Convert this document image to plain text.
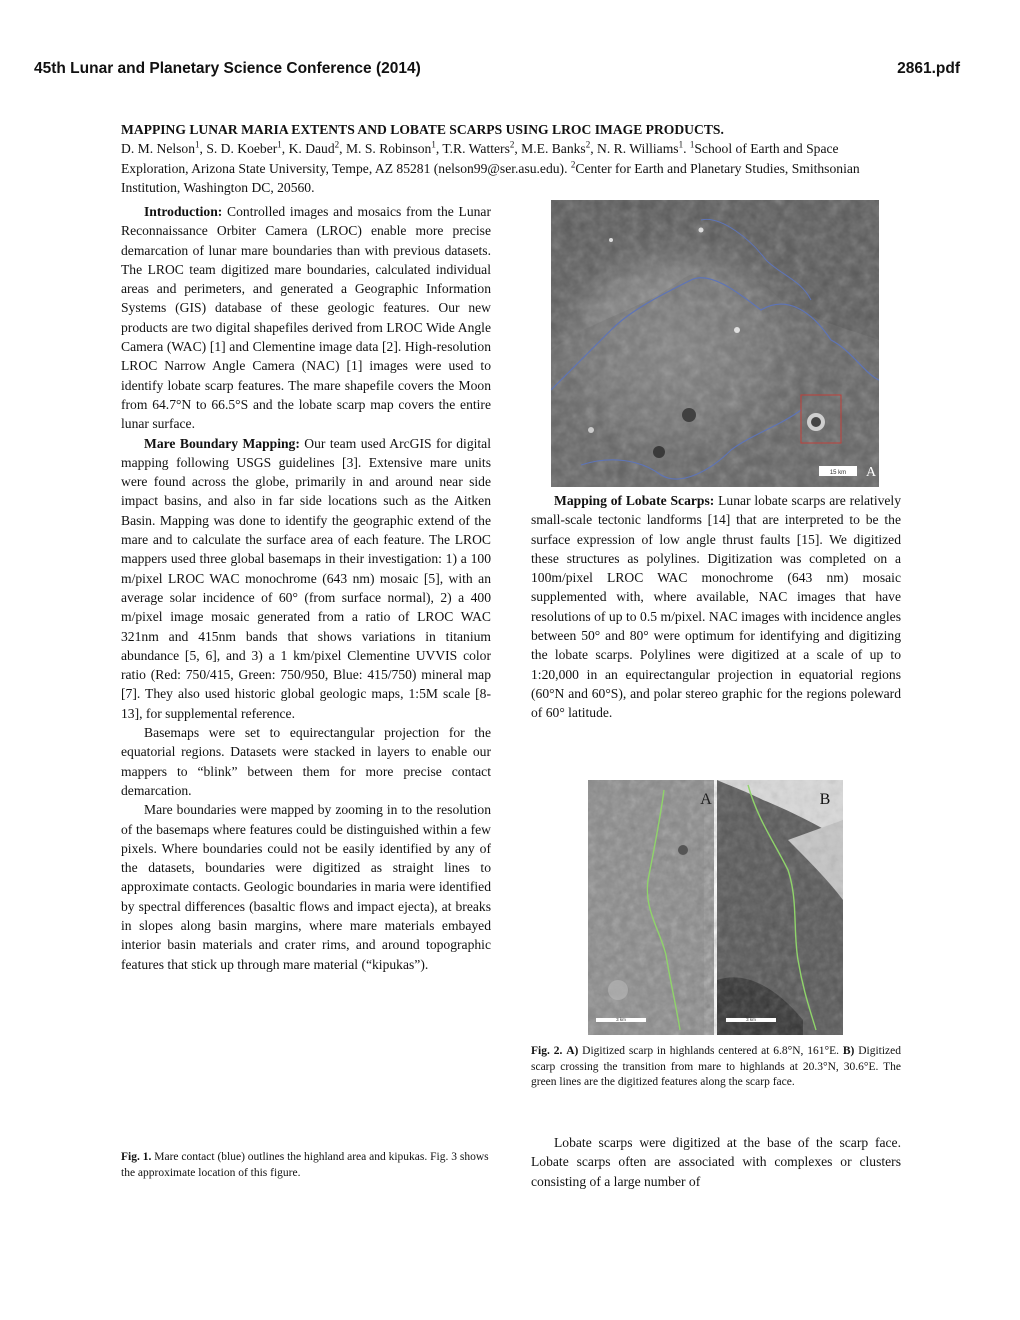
45th Lunar and Planetary Science Conference (2014)	2861.pdf
MAPPING LUNAR MARIA EXTENTS AND LOBATE SCARPS USING LROC IMAGE PRODUCTS.
D. M. Nelson$^1$, S. D. Koeber$^1$, K. Daud$^2$, M. S. Robinson$^1$, T.R. Watters$^2$, M.E. Banks$^2$, N. R. Williams$^1$. $^1$School of Earth and Space Exploration, Arizona State University, Tempe, AZ 85281 (nelson99@ser.asu.edu). $^2$Center for Earth and Planetary Studies, Smithsonian Institution, Washington DC, 20560.

Introduction: Controlled images and mosaics from the Lunar Reconnaissance Orbiter Camera (LROC) enable more precise demarcation of lunar mare boundaries than with previous datasets. The LROC team digitized mare boundaries, calculated individual areas and perimeters, and generated a Geographic Information Systems (GIS) database of these geologic features. Our new products are two digital shapefiles derived from LROC Wide Angle Camera (WAC) [1] and Clementine image data [2]. High-resolution LROC Narrow Angle Camera (NAC) [1] images were used to identify lobate scarp features. The mare shapefile covers the Moon from 64.7°N to 66.5°S and the lobate scarp map covers the entire lunar surface.

Mare Boundary Mapping: Our team used ArcGIS for digital mapping following USGS guidelines [3]. Extensive mare units were found across the globe, primarily in and around near side impact basins, and also in far side locations such as the Aitken Basin. Mapping was done to identify the geographic extend of the mare and to calculate the surface area of each feature. The LROC mappers used three global basemaps in their investigation: 1) a 100 m/pixel LROC WAC monochrome (643 nm) mosaic [5], with an average solar incidence of 60° (from surface normal), 2) a 400 m/pixel image mosaic generated from a ratio of LROC WAC 321nm and 415nm bands that shows variations in titanium abundance [5, 6], and 3) a 1 km/pixel Clementine UVVIS color ratio (Red: 750/415, Green: 750/950, Blue: 415/750) mineral map [7]. They also used historic global geologic maps, 1:5M scale [8-13], for supplemental reference.

Basemaps were set to equirectangular projection for the equatorial regions. Datasets were stacked in layers to enable our mappers to “blink” between them for more precise contact demarcation.

Mare boundaries were mapped by zooming in to the resolution of the basemaps where features could be distinguished within a few pixels. Where boundaries could not be easily identified by any of the datasets, boundaries were digitized as straight lines to approximate contacts. Geologic boundaries in maria were identified by spectral differences (basaltic flows and impact ejecta), at breaks in slopes along basin margins, where mare materials embayed interior basin materials and crater rims, and around topographic features that stick up through mare material (“kipukas”).

Fig. 1. Mare contact (blue) outlines the highland area and kipukas. Fig. 3 shows the approximate location of this figure.
15 km A

Mapping of Lobate Scarps: Lunar lobate scarps are relatively small-scale tectonic landforms [14] that are interpreted to be the surface expression of low angle thrust faults [15]. We digitized these structures as polylines. Digitization was completed on a 100m/pixel LROC WAC monochrome (643 nm) mosaic supplemented with, where available, NAC images that have resolutions of up to 0.5 m/pixel. NAC images with incidence angles between 50° and 80° were optimum for identifying and digitizing the lobate scarps. Polylines were digitized at a scale of up to 1:20,000 in an equirectangular projection in equatorial regions (60°N and 60°S), and polar stereo graphic for the regions poleward of 60° latitude.

3 km
A
3 km
B
Fig. 2. A) Digitized scarp in highlands centered at 6.8°N, 161°E. B) Digitized scarp crossing the transition from mare to highlands at 20.3°N, 30.6°E. The green lines are the digitized features along the scarp face.

Lobate scarps were digitized at the base of the scarp face. Lobate scarps often are associated with complexes or clusters consisting of a large number of
